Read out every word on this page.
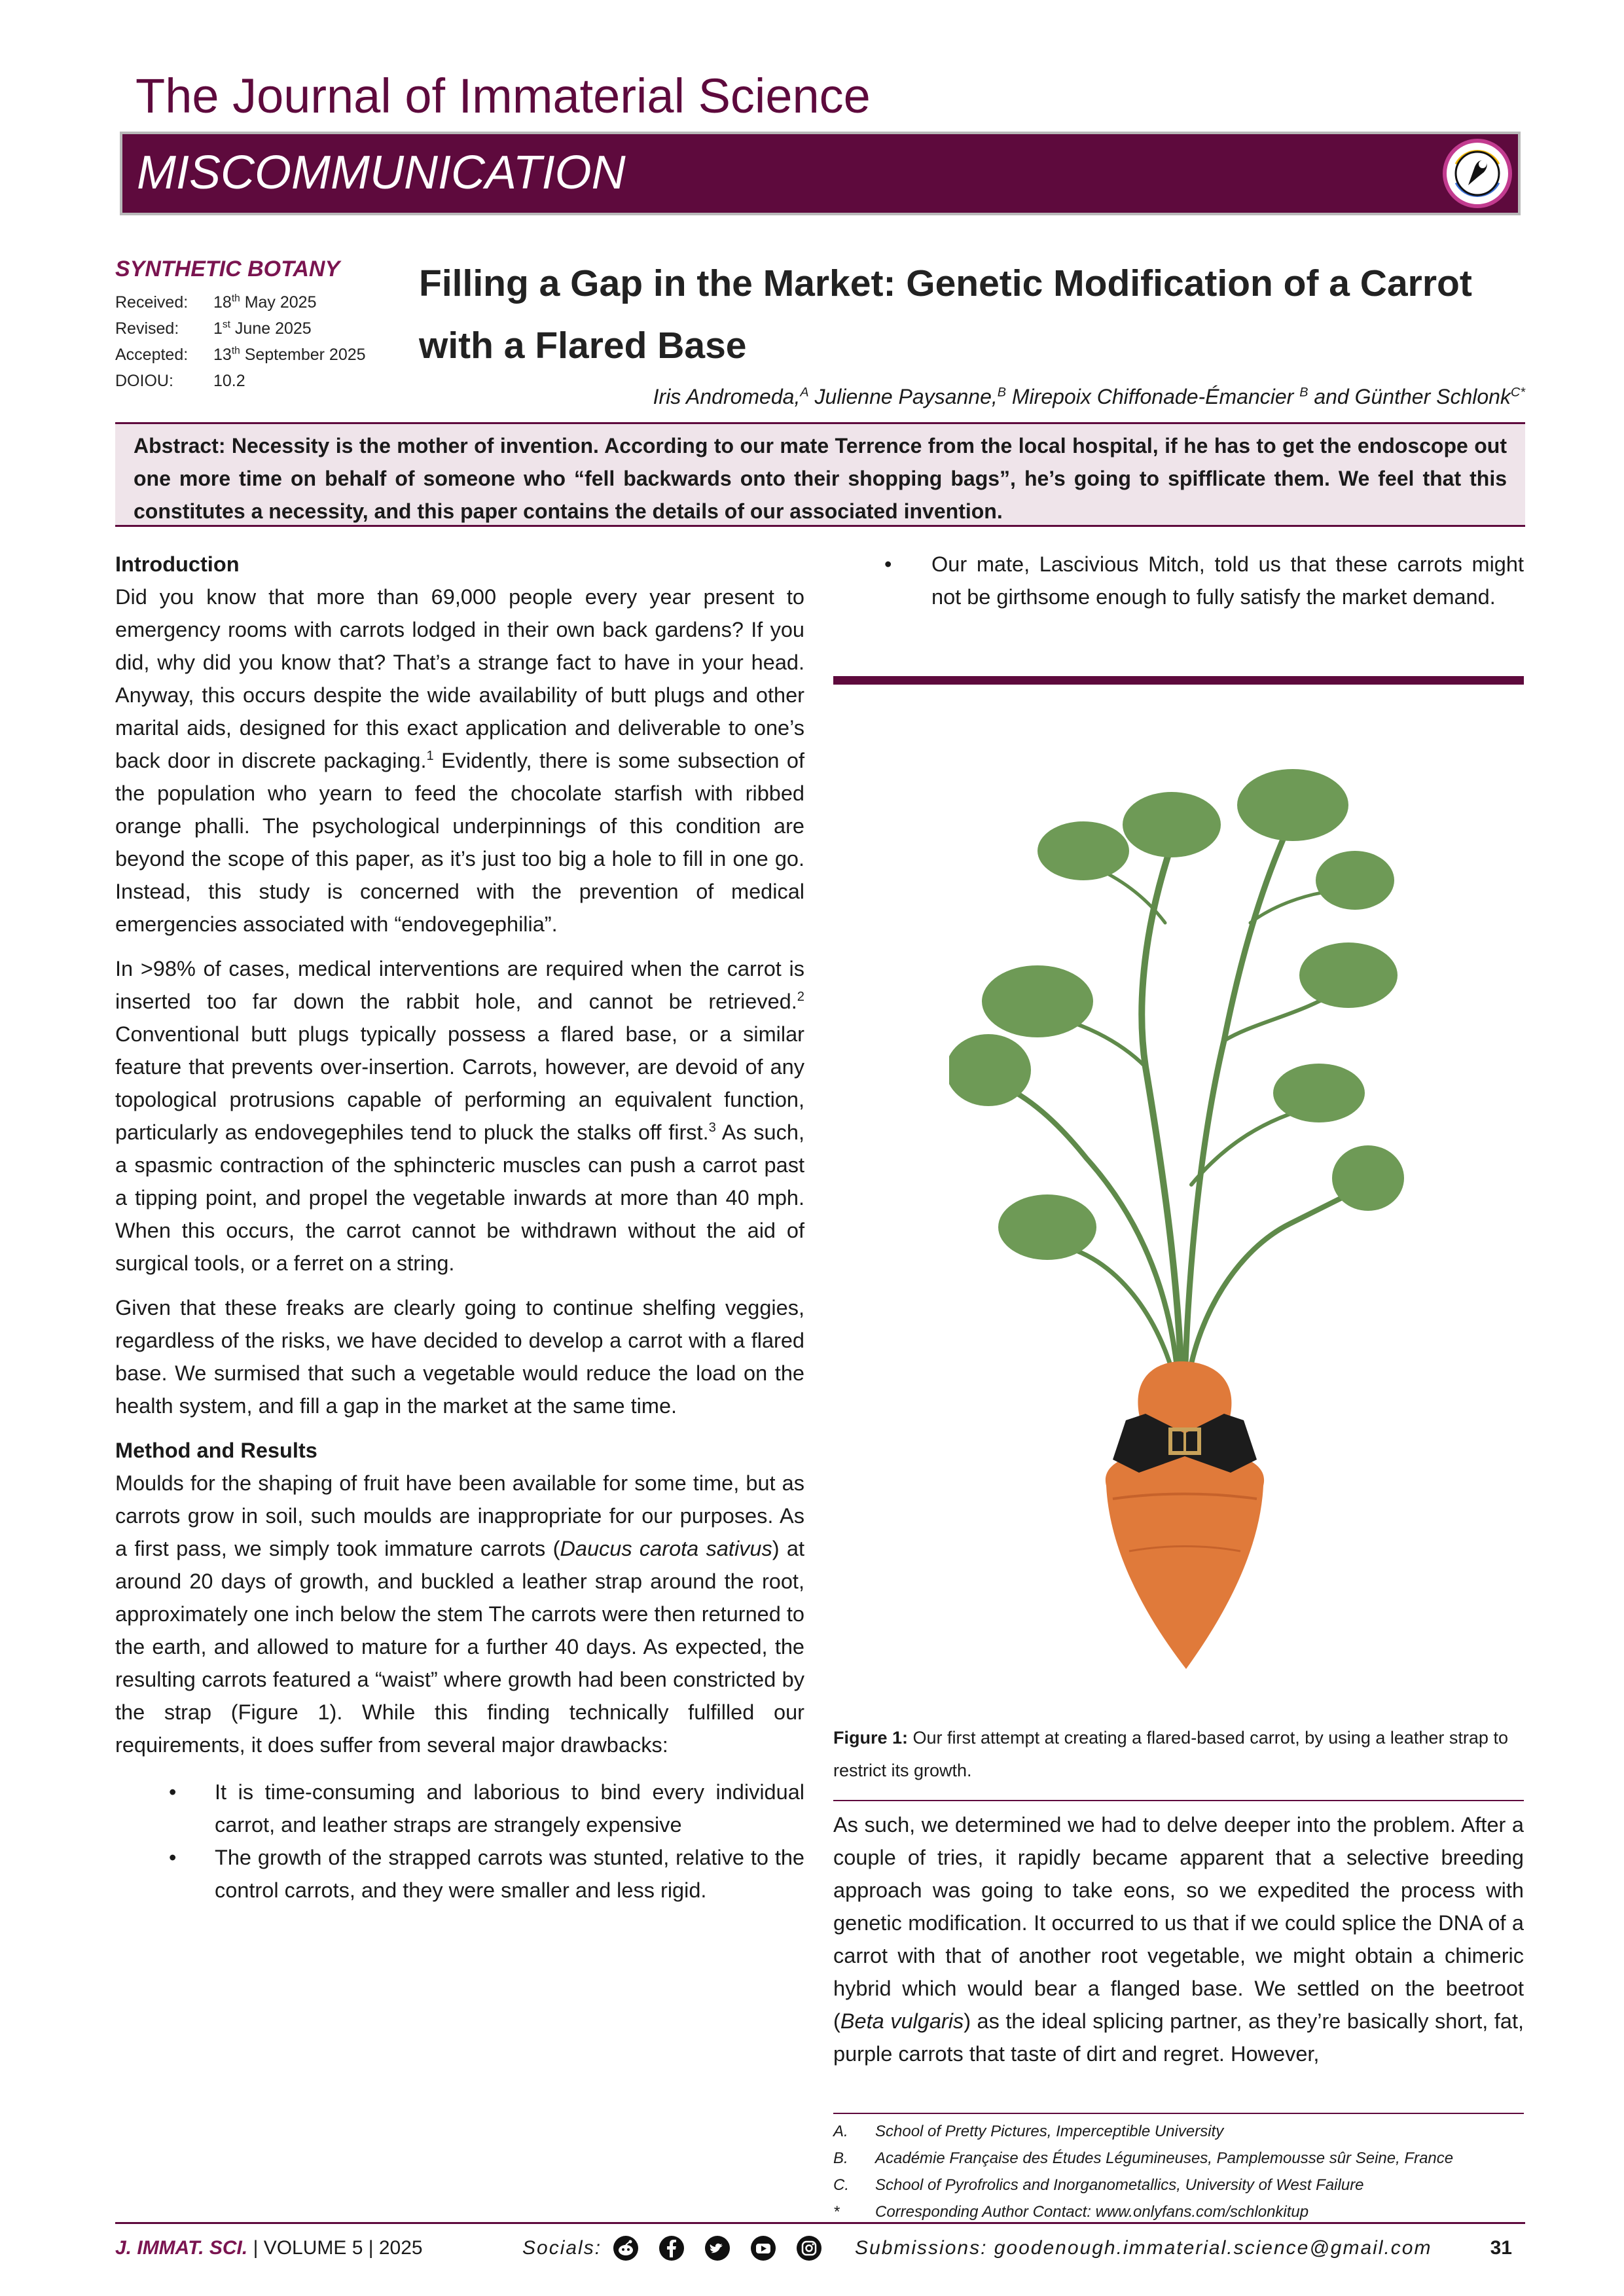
The Journal of Immaterial Science
MISCOMMUNICATION
SYNTHETIC BOTANY
Received: 18th May 2025
Revised: 1st June 2025
Accepted: 13th September 2025
DOIOU: 10.2
Filling a Gap in the Market: Genetic Modification of a Carrot
with a Flared Base
Iris Andromeda,$^A$ Julienne Paysanne,$^B$ Mirepoix Chiffonade-Émancier $^B$ and Günther Schlonk$^{C*}$
Abstract: Necessity is the mother of invention. According to our mate Terrence from the local hospital, if he has to get the endoscope out one more time on behalf of someone who “fell backwards onto their shopping bags”, he’s going to spifflicate them. We feel that this constitutes a necessity, and this paper contains the details of our associated invention.

Introduction

Did you know that more than 69,000 people every year present to emergency rooms with carrots lodged in their own back gardens? If you did, why did you know that? That’s a strange fact to have in your head. Anyway, this occurs despite the wide availability of butt plugs and other marital aids, designed for this exact application and deliverable to one’s back door in discrete packaging.$^1$ Evidently, there is some subsection of the population who yearn to feed the chocolate starfish with ribbed orange phalli. The psychological underpinnings of this condition are beyond the scope of this paper, as it’s just too big a hole to fill in one go. Instead, this study is concerned with the prevention of medical emergencies associated with “endovegephilia”.

In >98% of cases, medical interventions are required when the carrot is inserted too far down the rabbit hole, and cannot be retrieved.$^2$ Conventional butt plugs typically possess a flared base, or a similar feature that prevents over-insertion. Carrots, however, are devoid of any topological protrusions capable of performing an equivalent function, particularly as endovegephiles tend to pluck the stalks off first.$^3$ As such, a spasmic contraction of the sphincteric muscles can push a carrot past a tipping point, and propel the vegetable inwards at more than 40 mph. When this occurs, the carrot cannot be withdrawn without the aid of surgical tools, or a ferret on a string.

Given that these freaks are clearly going to continue shelfing veggies, regardless of the risks, we have decided to develop a carrot with a flared base. We surmised that such a vegetable would reduce the load on the health system, and fill a gap in the market at the same time.

Method and Results

Moulds for the shaping of fruit have been available for some time, but as carrots grow in soil, such moulds are inappropriate for our purposes. As a first pass, we simply took immature carrots (Daucus carota sativus) at around 20 days of growth, and buckled a leather strap around the root, approximately one inch below the stem The carrots were then returned to the earth, and allowed to mature for a further 40 days. As expected, the resulting carrots featured a “waist” where growth had been constricted by the strap (Figure 1). While this finding technically fulfilled our requirements, it does suffer from several major drawbacks:

• It is time-consuming and laborious to bind every individual carrot, and leather straps are strangely expensive
• The growth of the strapped carrots was stunted, relative to the control carrots, and they were smaller and less rigid.
• Our mate, Lascivious Mitch, told us that these carrots might not be girthsome enough to fully satisfy the market demand.
Figure 1: Our first attempt at creating a flared-based carrot, by using a leather strap to restrict its growth.

As such, we determined we had to delve deeper into the problem. After a couple of tries, it rapidly became apparent that a selective breeding approach was going to take eons, so we expedited the process with genetic modification. It occurred to us that if we could splice the DNA of a carrot with that of another root vegetable, we might obtain a chimeric hybrid which would bear a flanged base. We settled on the beetroot (Beta vulgaris) as the ideal splicing partner, as they’re basically short, fat, purple carrots that taste of dirt and regret. However,

A. School of Pretty Pictures, Imperceptible University
B. Académie Française des Études Légumineuses, Pamplemousse sûr Seine, France
C. School of Pyrofrolics and Inorganometallics, University of West Failure
* Corresponding Author Contact: www.onlyfans.com/schlonkitup
J. IMMAT. SCI. | VOLUME 5 | 2025	Socials:	Submissions: goodenough.immaterial.science@gmail.com	31
